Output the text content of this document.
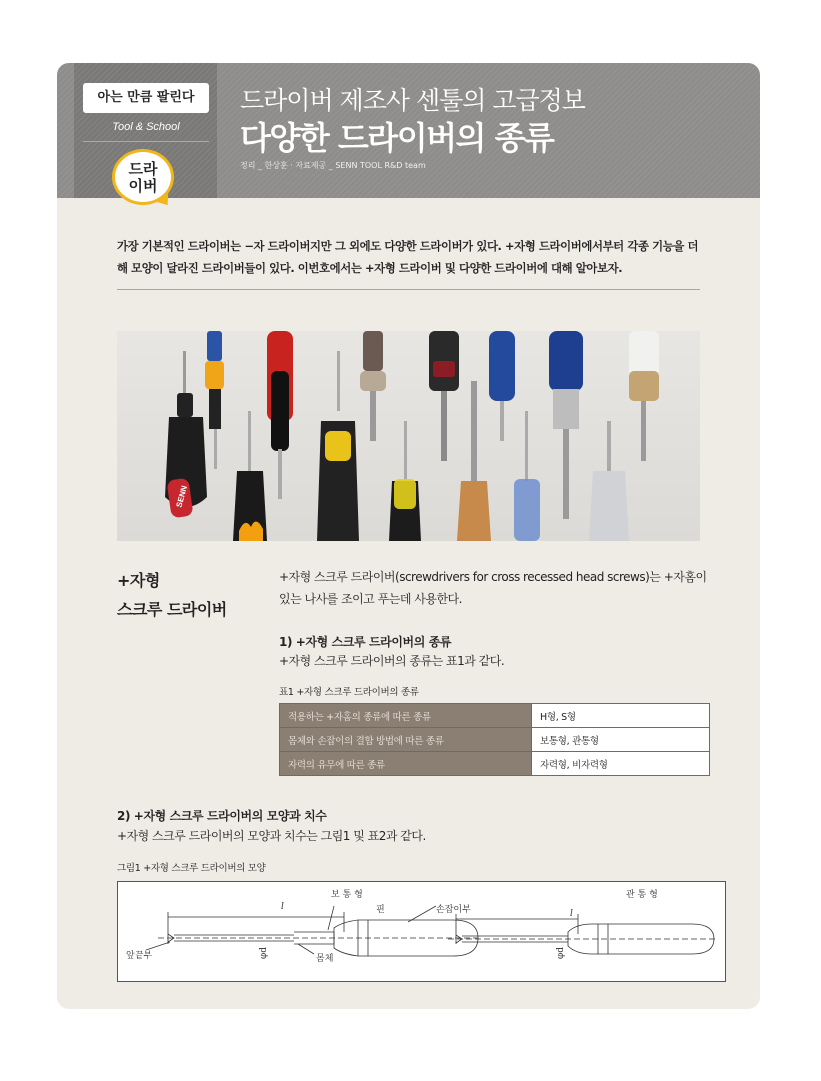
아는 만큼 팔린다
Tool & School
드라이버 제조사 센툴의 고급정보
다양한 드라이버의 종류
정리 _ 한상훈 · 자료제공 _ SENN TOOL R&D team
드라
이버
가장 기본적인 드라이버는 −자 드라이버지만 그 외에도 다양한 드라이버가 있다. +자형 드라이버에서부터 각종 기능을 더해 모양이 달라진 드라이버들이 있다. 이번호에서는 +자형 드라이버 및 다양한 드라이버에 대해 알아보자.
SENN
+자형
스크루 드라이버
+자형 스크루 드라이버(screwdrivers for cross recessed head screws)는 +자홈이 있는 나사를 조이고 푸는데 사용한다.
1) +자형 스크루 드라이버의 종류
+자형 스크루 드라이버의 종류는 표1과 같다.
표1 +자형 스크루 드라이버의 종류
적용하는 +자홈의 종류에 따른 종류	H형, S형
몸체와 손잡이의 결합 방법에 따른 종류	보통형, 관통형
자력의 유무에 따른 종류	자력형, 비자력형
2) +자형 스크루 드라이버의 모양과 치수
+자형 스크루 드라이버의 모양과 치수는 그림1 및 표2과 같다.
그림1 +자형 스크루 드라이버의 모양
보 통 형	관 통 형
핀	손잡이부
앞끝부	몸체
l
l
φd	φd
